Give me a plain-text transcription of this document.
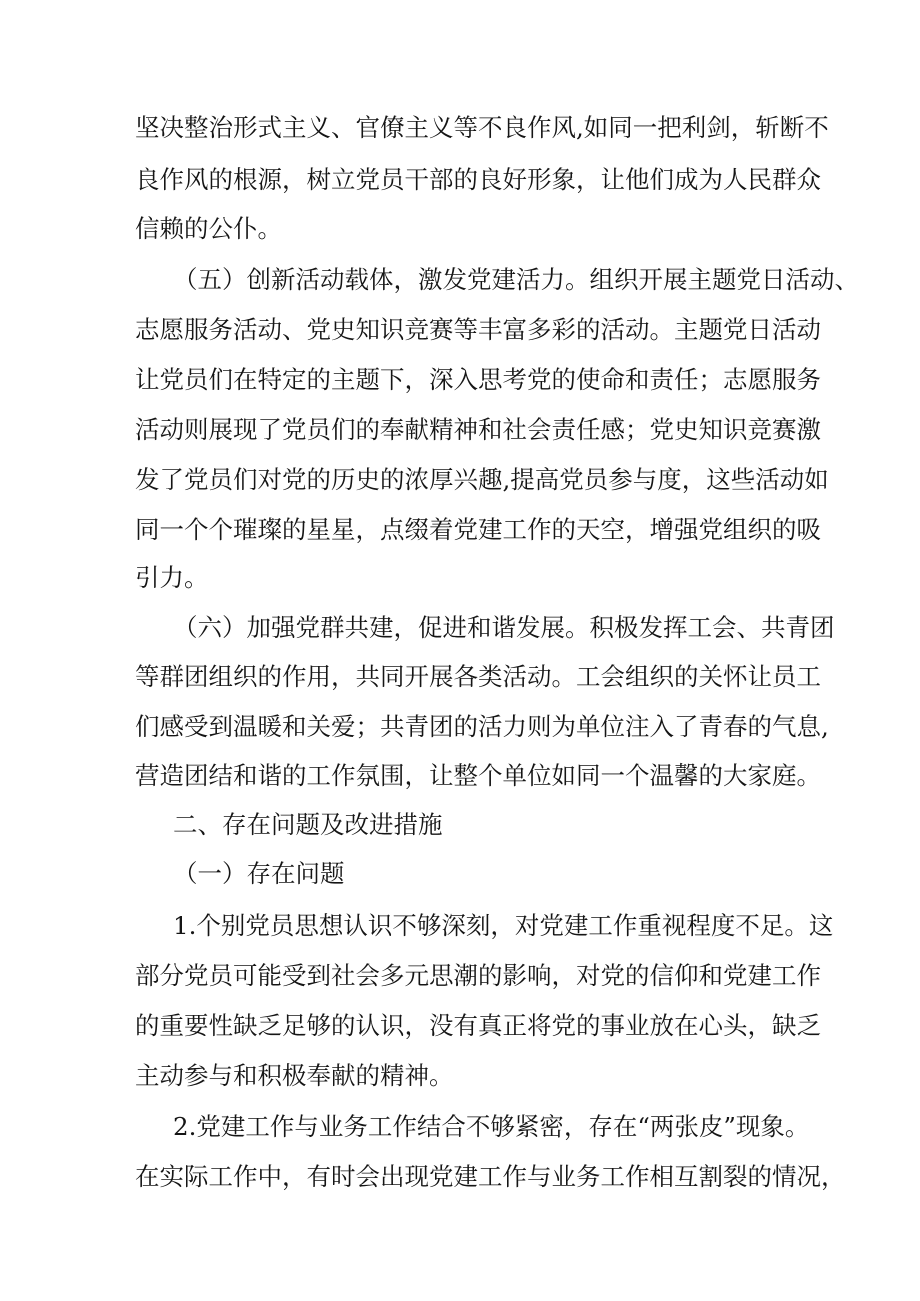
坚决整治形式主义、官僚主义等不良作风,如同一把利剑，斩断不

良作风的根源，树立党员干部的良好形象，让他们成为人民群众

信赖的公仆。

（五）创新活动载体，激发党建活力。组织开展主题党日活动、

志愿服务活动、党史知识竞赛等丰富多彩的活动。主题党日活动

让党员们在特定的主题下，深入思考党的使命和责任；志愿服务

活动则展现了党员们的奉献精神和社会责任感；党史知识竞赛激

发了党员们对党的历史的浓厚兴趣,提高党员参与度，这些活动如

同一个个璀璨的星星，点缀着党建工作的天空，增强党组织的吸

引力。

（六）加强党群共建，促进和谐发展。积极发挥工会、共青团

等群团组织的作用，共同开展各类活动。工会组织的关怀让员工

们感受到温暖和关爱；共青团的活力则为单位注入了青春的气息,

营造团结和谐的工作氛围，让整个单位如同一个温馨的大家庭。

二、存在问题及改进措施

（一）存在问题

1.个别党员思想认识不够深刻，对党建工作重视程度不足。这

部分党员可能受到社会多元思潮的影响，对党的信仰和党建工作

的重要性缺乏足够的认识，没有真正将党的事业放在心头，缺乏

主动参与和积极奉献的精神。

2.党建工作与业务工作结合不够紧密，存在“两张皮”现象。

在实际工作中，有时会出现党建工作与业务工作相互割裂的情况，
